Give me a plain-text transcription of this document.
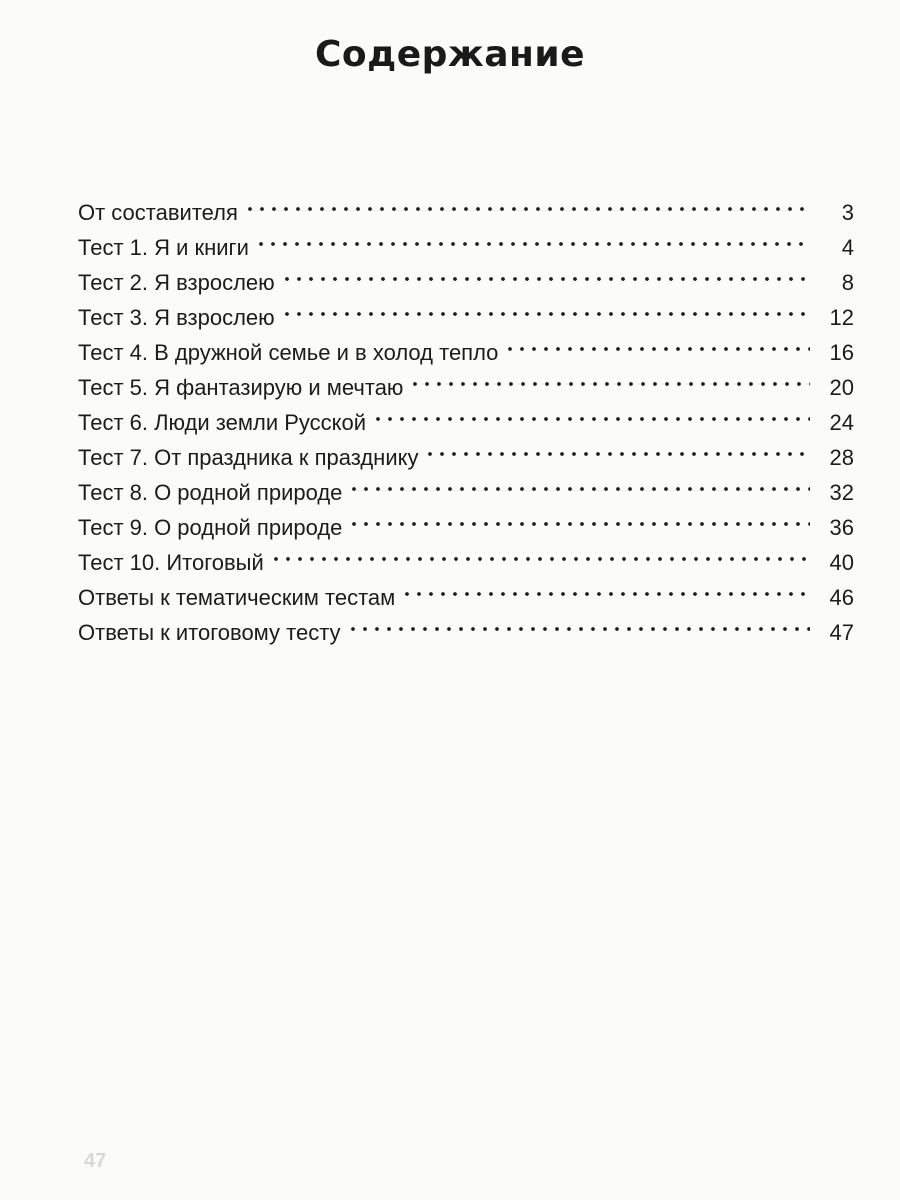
Содержание
От составителя	3
Тест 1. Я и книги	4
Тест 2. Я взрослею	8
Тест 3. Я взрослею	12
Тест 4. В дружной семье и в холод тепло	16
Тест 5. Я фантазирую и мечтаю	20
Тест 6. Люди земли Русской	24
Тест 7. От праздника к празднику	28
Тест 8. О родной природе	32
Тест 9. О родной природе	36
Тест 10. Итоговый	40
Ответы к тематическим тестам	46
Ответы к итоговому тесту	47
47
